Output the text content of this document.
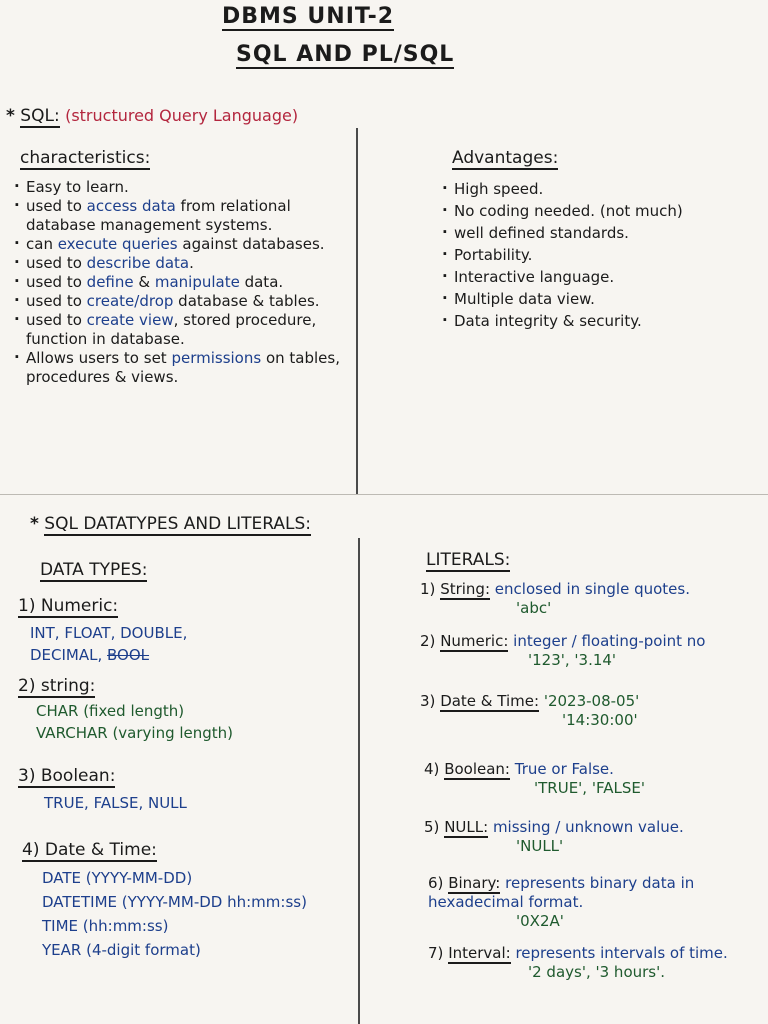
DBMS UNIT-2
SQL AND PL/SQL
* SQL: (structured Query Language)
characteristics:
· Easy to learn.
· used to access data from relational database management systems.
· can execute queries against databases.
· used to describe data.
· used to define & manipulate data.
· used to create/drop database & tables.
· used to create view, stored procedure, function in database.
· Allows users to set permissions on tables, procedures & views.
Advantages:
· High speed.
· No coding needed. (not much)
· well defined standards.
· Portability.
· Interactive language.
· Multiple data view.
· Data integrity & security.
* SQL DATATYPES AND LITERALS:
DATA TYPES:
1) Numeric:
INT, FLOAT, DOUBLE,
DECIMAL, BOOL
2) string:
CHAR (fixed length)
VARCHAR (varying length)
3) Boolean:
TRUE, FALSE, NULL
4) Date & Time:
DATE (YYYY-MM-DD)
DATETIME (YYYY-MM-DD hh:mm:ss)
TIME (hh:mm:ss)
YEAR (4-digit format)
LITERALS:
1) String: enclosed in single quotes.
'abc'
2) Numeric: integer / floating-point no
'123', '3.14'
3) Date & Time: '2023-08-05'
'14:30:00'
4) Boolean: True or False.
'TRUE', 'FALSE'
5) NULL: missing / unknown value.
'NULL'
6) Binary: represents binary data in hexadecimal format.
'0X2A'
7) Interval: represents intervals of time.
'2 days', '3 hours'.
